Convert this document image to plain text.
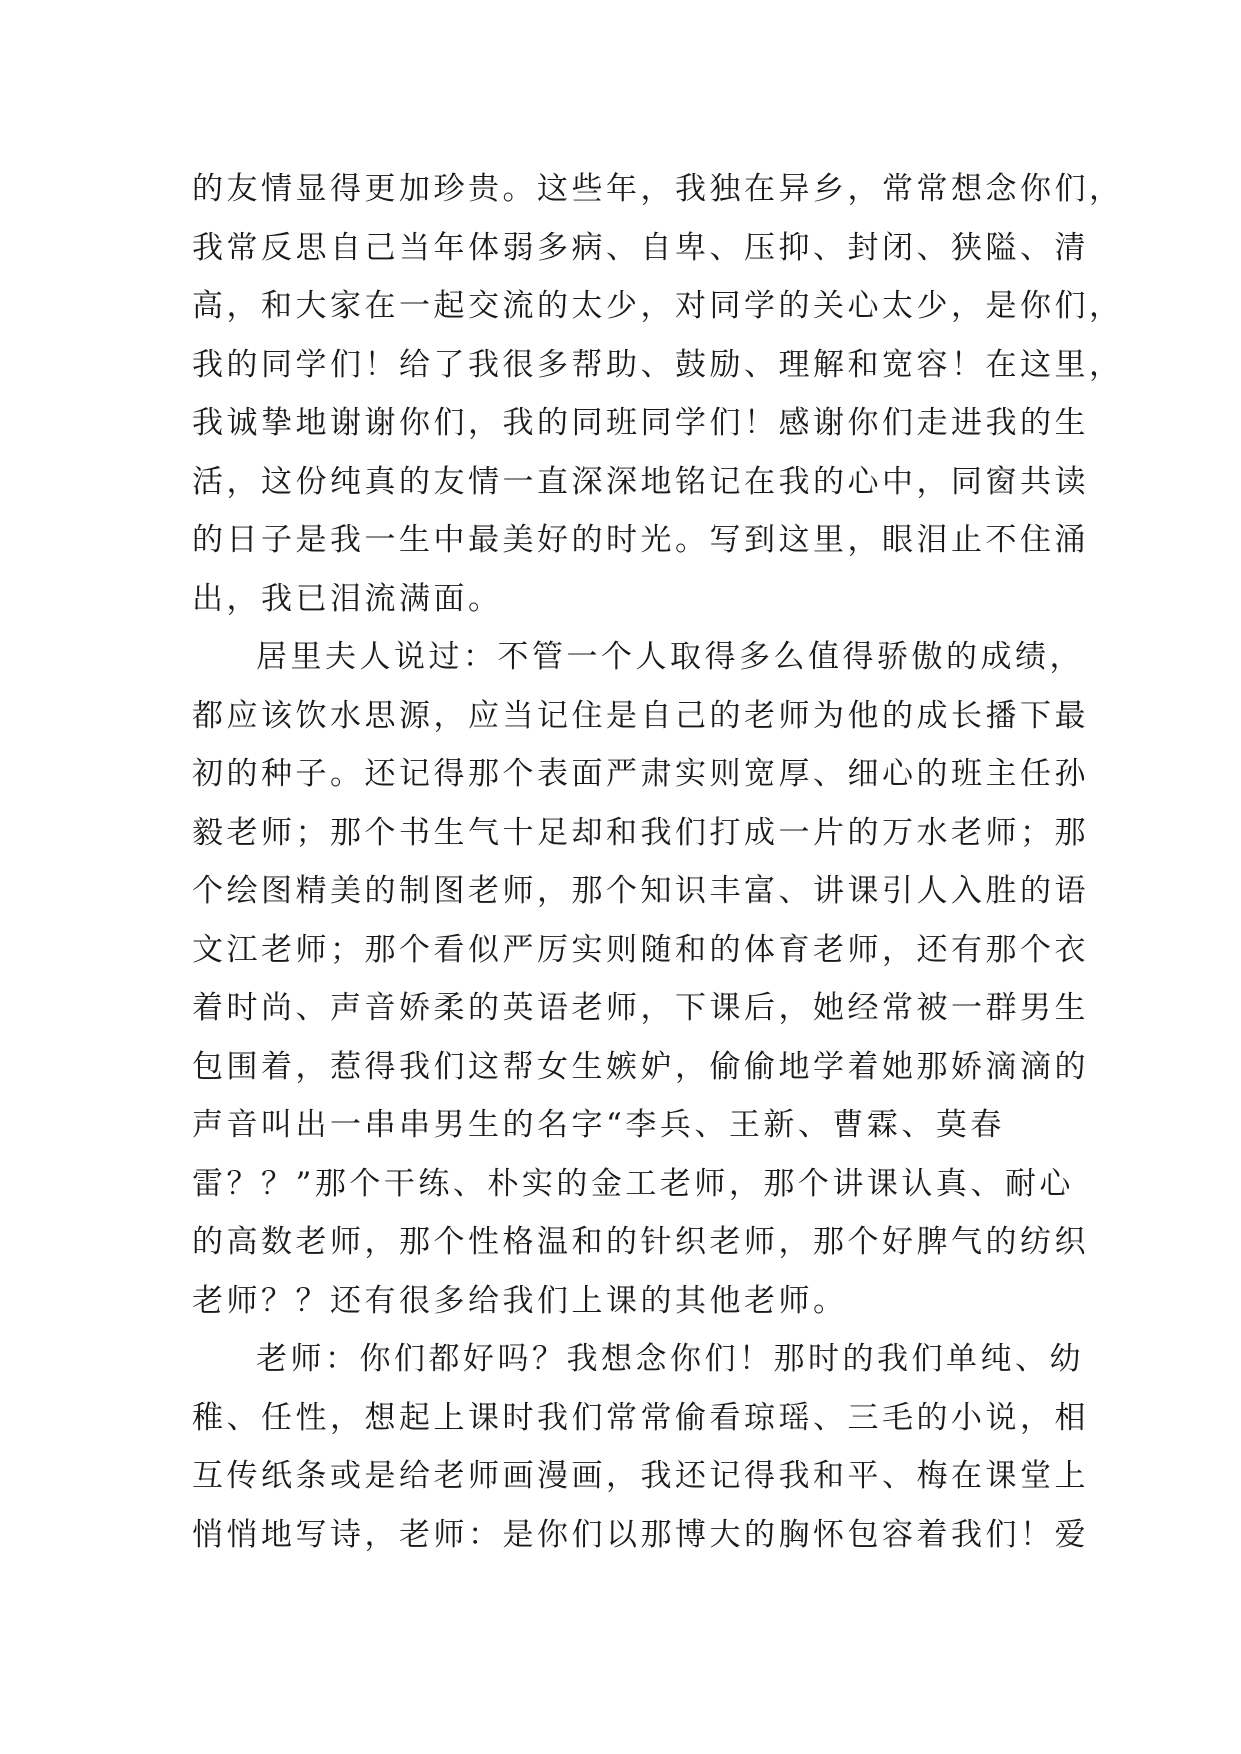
的友情显得更加珍贵。这些年，我独在异乡，常常想念你们，
我常反思自己当年体弱多病、自卑、压抑、封闭、狭隘、清
高，和大家在一起交流的太少，对同学的关心太少，是你们，
我的同学们！给了我很多帮助、鼓励、理解和宽容！在这里，
我诚挚地谢谢你们，我的同班同学们！感谢你们走进我的生
活，这份纯真的友情一直深深地铭记在我的心中，同窗共读
的日子是我一生中最美好的时光。写到这里，眼泪止不住涌
出，我已泪流满面。
居里夫人说过：不管一个人取得多么值得骄傲的成绩，
都应该饮水思源，应当记住是自己的老师为他的成长播下最
初的种子。还记得那个表面严肃实则宽厚、细心的班主任孙
毅老师；那个书生气十足却和我们打成一片的万水老师；那
个绘图精美的制图老师，那个知识丰富、讲课引人入胜的语
文江老师；那个看似严厉实则随和的体育老师，还有那个衣
着时尚、声音娇柔的英语老师，下课后，她经常被一群男生
包围着，惹得我们这帮女生嫉妒，偷偷地学着她那娇滴滴的
声音叫出一串串男生的名字“李兵、王新、曹霖、莫春
雷？？”那个干练、朴实的金工老师，那个讲课认真、耐心
的高数老师，那个性格温和的针织老师，那个好脾气的纺织
老师？？还有很多给我们上课的其他老师。
老师：你们都好吗？我想念你们！那时的我们单纯、幼
稚、任性，想起上课时我们常常偷看琼瑶、三毛的小说，相
互传纸条或是给老师画漫画，我还记得我和平、梅在课堂上
悄悄地写诗，老师：是你们以那博大的胸怀包容着我们！爱
